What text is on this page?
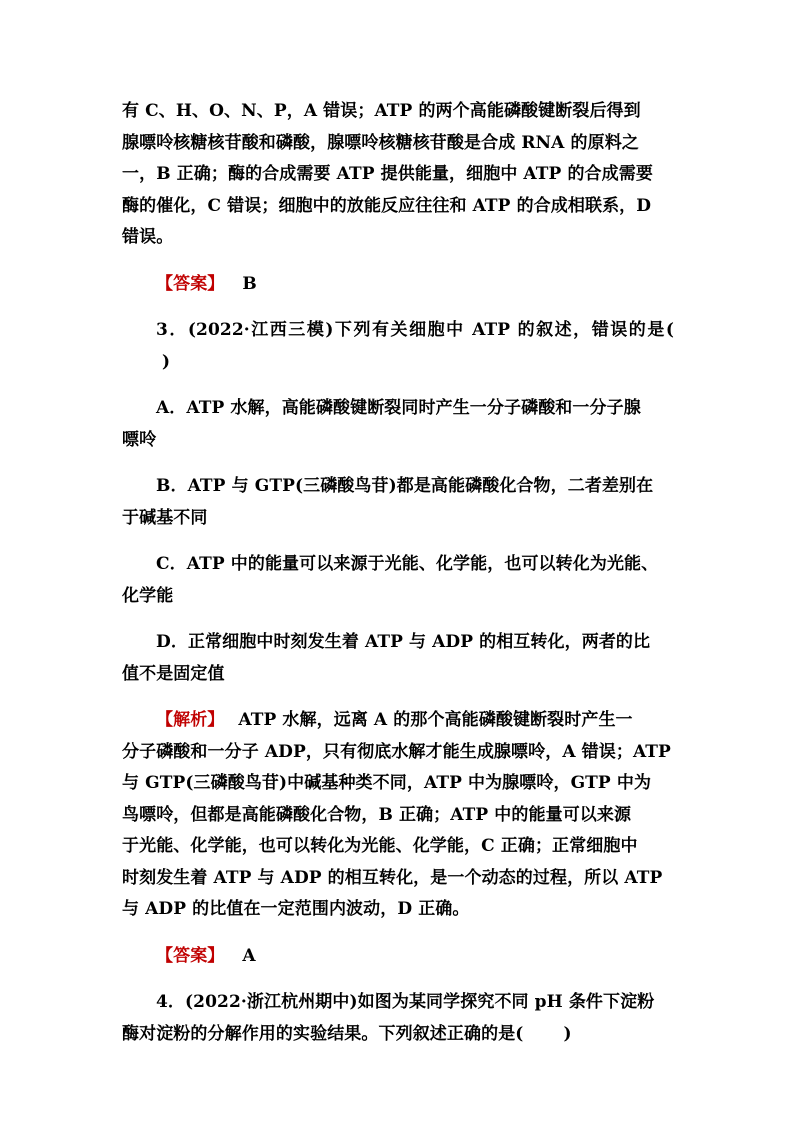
有 C、H、O、N、P，A 错误；ATP 的两个高能磷酸键断裂后得到
腺嘌呤核糖核苷酸和磷酸，腺嘌呤核糖核苷酸是合成 RNA 的原料之
一，B 正确；酶的合成需要 ATP 提供能量，细胞中 ATP 的合成需要
酶的催化，C 错误；细胞中的放能反应往往和 ATP 的合成相联系，D
错误。

【答案】 B

3．(2022·江西三模)下列有关细胞中 ATP 的叙述，错误的是()

A．ATP 水解，高能磷酸键断裂同时产生一分子磷酸和一分子腺
嘌呤

B．ATP 与 GTP(三磷酸鸟苷)都是高能磷酸化合物，二者差别在
于碱基不同

C．ATP 中的能量可以来源于光能、化学能，也可以转化为光能、
化学能

D．正常细胞中时刻发生着 ATP 与 ADP 的相互转化，两者的比
值不是固定值

【解析】 ATP 水解，远离 A 的那个高能磷酸键断裂时产生一
分子磷酸和一分子 ADP，只有彻底水解才能生成腺嘌呤，A 错误；ATP
与 GTP(三磷酸鸟苷)中碱基种类不同，ATP 中为腺嘌呤，GTP 中为
鸟嘌呤，但都是高能磷酸化合物，B 正确；ATP 中的能量可以来源
于光能、化学能，也可以转化为光能、化学能，C 正确；正常细胞中
时刻发生着 ATP 与 ADP 的相互转化，是一个动态的过程，所以 ATP
与 ADP 的比值在一定范围内波动，D 正确。

【答案】 A

4．(2022·浙江杭州期中)如图为某同学探究不同 pH 条件下淀粉
酶对淀粉的分解作用的实验结果。下列叙述正确的是( )
